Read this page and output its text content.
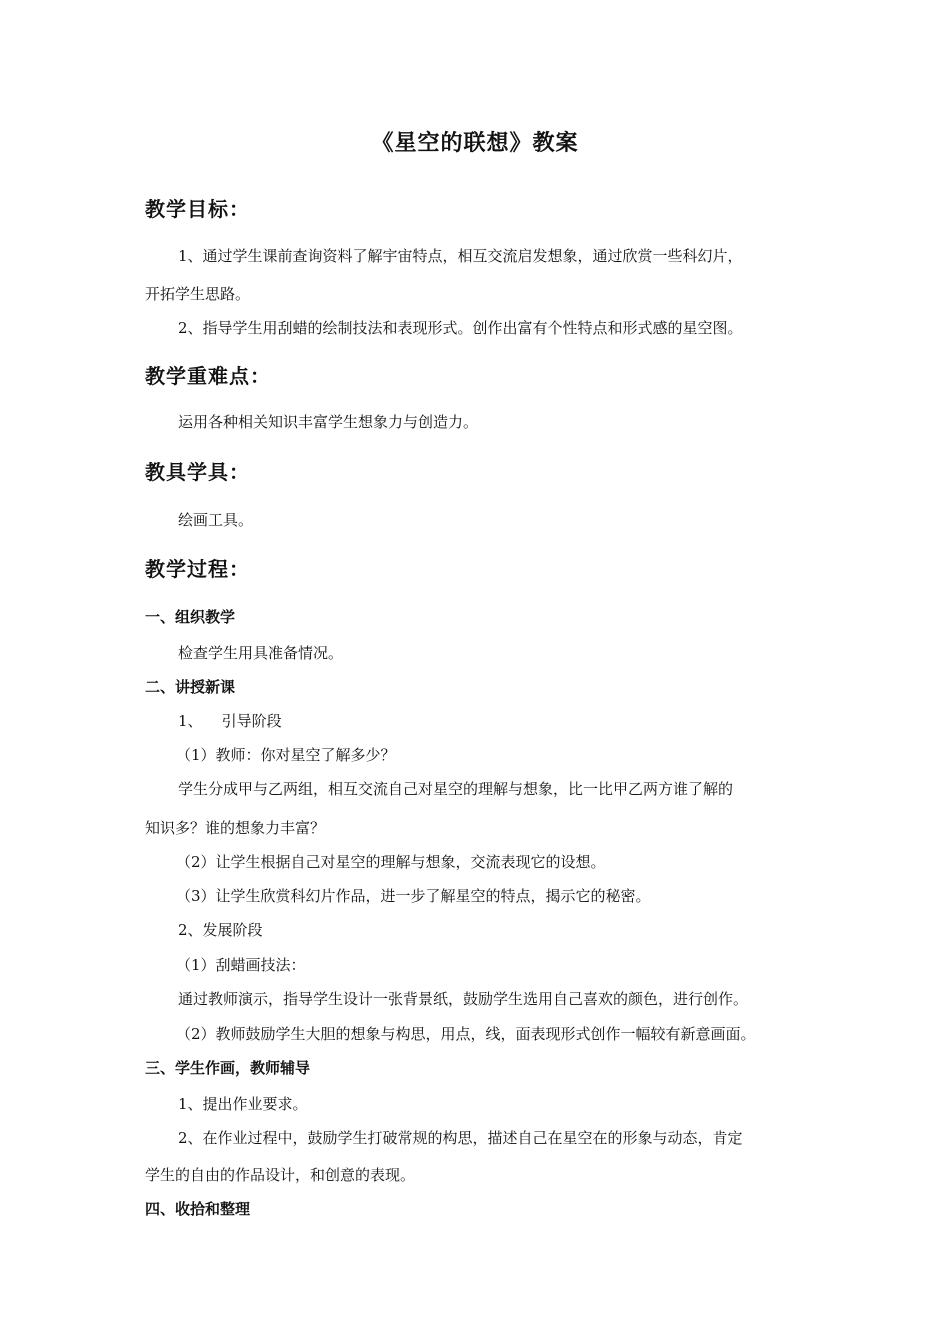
《星空的联想》教案
教学目标：
1、通过学生课前查询资料了解宇宙特点，相互交流启发想象，通过欣赏一些科幻片，
开拓学生思路。
2、指导学生用刮蜡的绘制技法和表现形式。创作出富有个性特点和形式感的星空图。
教学重难点：
运用各种相关知识丰富学生想象力与创造力。
教具学具：
绘画工具。
教学过程：
一、组织教学
检查学生用具准备情况。
二、讲授新课
1、    引导阶段
（1）教师：你对星空了解多少？
学生分成甲与乙两组，相互交流自己对星空的理解与想象，比一比甲乙两方谁了解的
知识多？谁的想象力丰富？
（2）让学生根据自己对星空的理解与想象，交流表现它的设想。
（3）让学生欣赏科幻片作品，进一步了解星空的特点，揭示它的秘密。
2、发展阶段
（1）刮蜡画技法：
通过教师演示，指导学生设计一张背景纸，鼓励学生选用自己喜欢的颜色，进行创作。
（2）教师鼓励学生大胆的想象与构思，用点，线，面表现形式创作一幅较有新意画面。
三、学生作画，教师辅导
1、提出作业要求。
2、在作业过程中，鼓励学生打破常规的构思，描述自己在星空在的形象与动态，肯定
学生的自由的作品设计，和创意的表现。
四、收拾和整理
